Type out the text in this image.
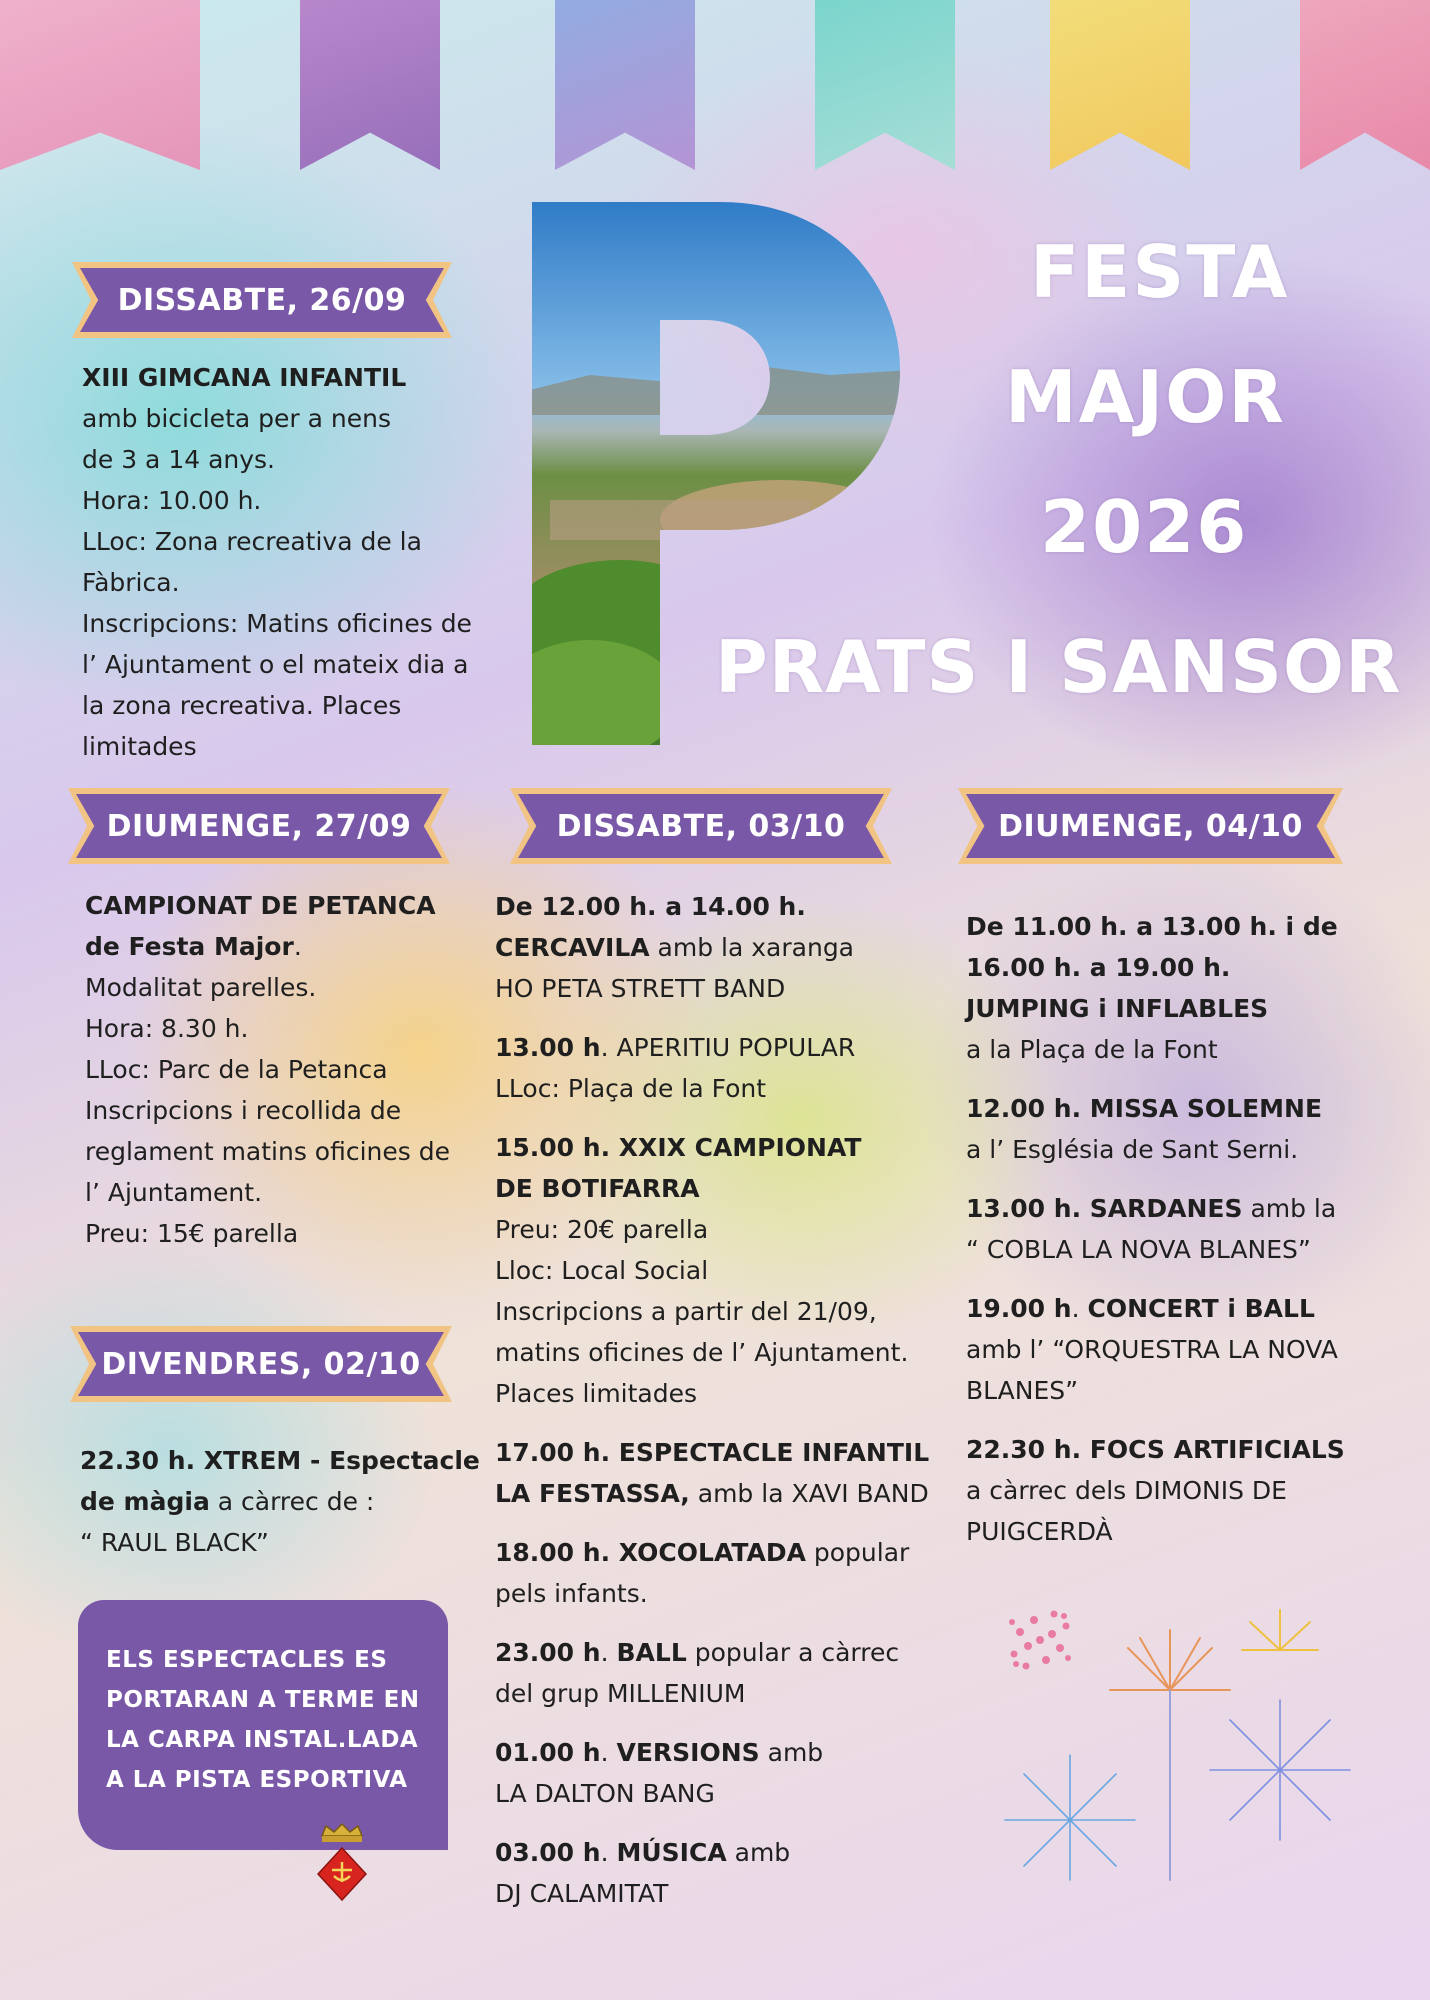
FESTA
MAJOR
2026
PRATS I SANSOR
DISSABTE, 26/09
DIUMENGE, 27/09	DISSABTE, 03/10	DIUMENGE, 04/10
DIVENDRES, 02/10

XIII GIMCANA INFANTIL

amb bicicleta per a nens

de 3 a 14 anys.

Hora: 10.00 h.

LLoc: Zona recreativa de la

Fàbrica.

Inscripcions: Matins oficines de

l’ Ajuntament o el mateix dia a

la zona recreativa. Places

limitades

CAMPIONAT DE PETANCA

de Festa Major.

Modalitat parelles.

Hora: 8.30 h.

LLoc: Parc de la Petanca

Inscripcions i recollida de

reglament matins oficines de

l’ Ajuntament.

Preu: 15€ parella

22.30 h. XTREM - Espectacle

de màgia a càrrec de :

“ RAUL BLACK”

De 12.00 h. a 14.00 h.

CERCAVILA amb la xaranga

HO PETA STRETT BAND

13.00 h. APERITIU POPULAR

LLoc: Plaça de la Font

15.00 h. XXIX CAMPIONAT

DE BOTIFARRA

Preu: 20€ parella

Lloc: Local Social

Inscripcions a partir del 21/09,

matins oficines de l’ Ajuntament.

Places limitades

17.00 h. ESPECTACLE INFANTIL

LA FESTASSA, amb la XAVI BAND

18.00 h. XOCOLATADA popular

pels infants.

23.00 h. BALL popular a càrrec

del grup MILLENIUM

01.00 h. VERSIONS amb

LA DALTON BANG

03.00 h. MÚSICA amb

DJ CALAMITAT

De 11.00 h. a 13.00 h. i de

16.00 h. a 19.00 h.

JUMPING i INFLABLES

a la Plaça de la Font

12.00 h. MISSA SOLEMNE

a l’ Església de Sant Serni.

13.00 h. SARDANES amb la

“ COBLA LA NOVA BLANES”

19.00 h. CONCERT i BALL

amb l’ “ORQUESTRA LA NOVA

BLANES”

22.30 h. FOCS ARTIFICIALS

a càrrec dels DIMONIS DE

PUIGCERDÀ

ELS ESPECTACLES ES PORTARAN A TERME EN LA CARPA INSTAL.LADA A LA PISTA ESPORTIVA
